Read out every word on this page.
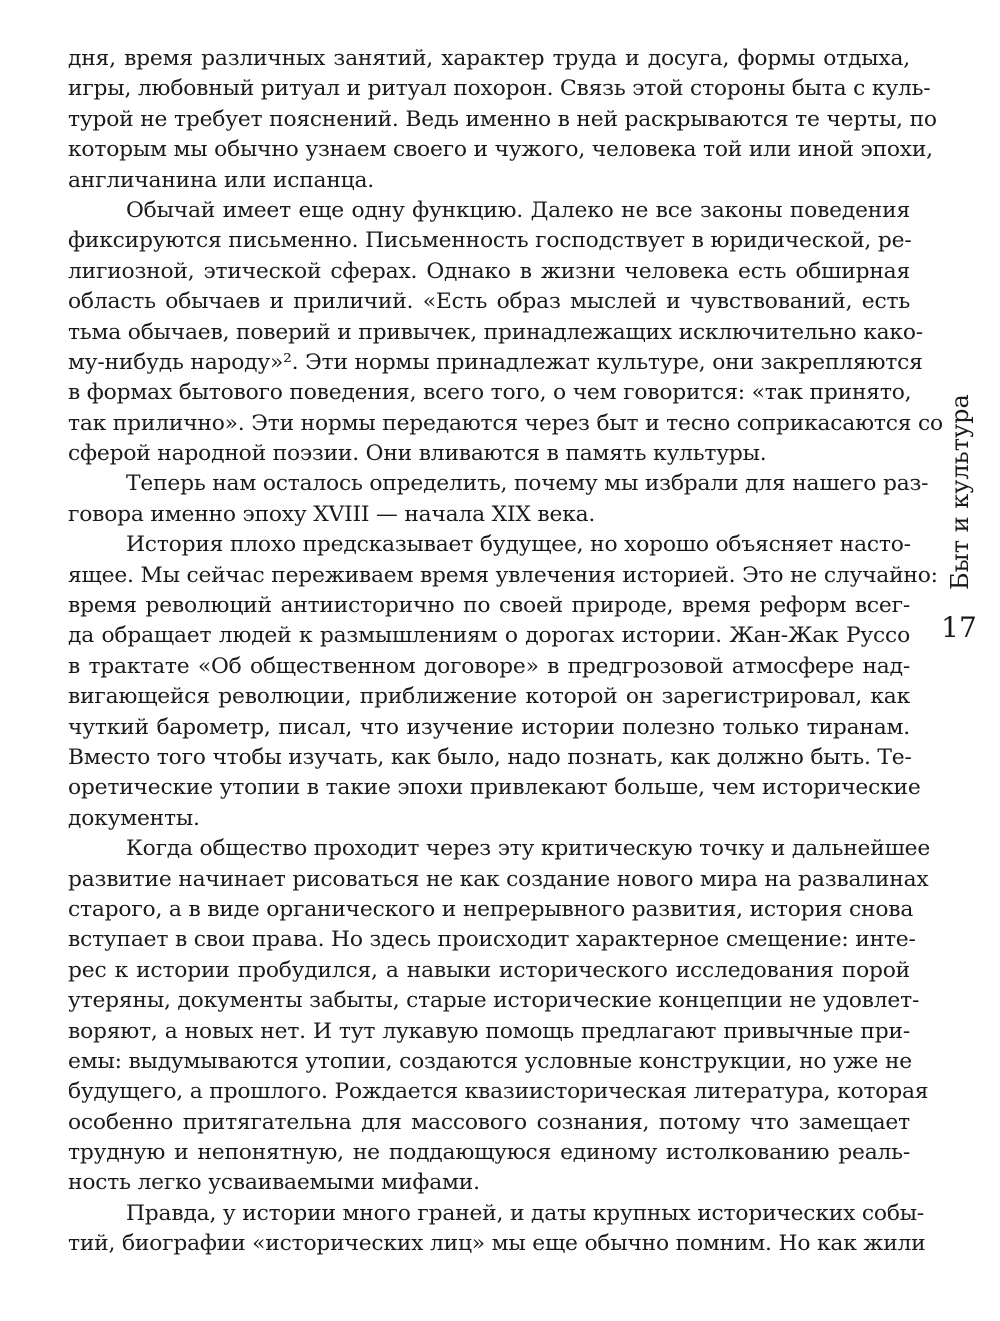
дня, время различных занятий, характер труда и досуга, формы отдыха,
игры, любовный ритуал и ритуал похорон. Связь этой стороны быта с куль-
турой не требует пояснений. Ведь именно в ней раскрываются те черты, по
которым мы обычно узнаем своего и чужого, человека той или иной эпохи,
англичанина или испанца.
Обычай имеет еще одну функцию. Далеко не все законы поведения
фиксируются письменно. Письменность господствует в юридической, ре-
лигиозной, этической сферах. Однако в жизни человека есть обширная
область обычаев и приличий. «Есть образ мыслей и чувствований, есть
тьма обычаев, поверий и привычек, принадлежащих исключительно како-
му-нибудь народу»². Эти нормы принадлежат культуре, они закрепляются
в формах бытового поведения, всего того, о чем говорится: «так принято,
так прилично». Эти нормы передаются через быт и тесно соприкасаются со
сферой народной поэзии. Они вливаются в память культуры.
Теперь нам осталось определить, почему мы избрали для нашего раз-
говора именно эпоху XVIII — начала XIX века.
История плохо предсказывает будущее, но хорошо объясняет насто-
ящее. Мы сейчас переживаем время увлечения историей. Это не случайно:
время революций антиисторично по своей природе, время реформ всег-
да обращает людей к размышлениям о дорогах истории. Жан-Жак Руссо
в трактате «Об общественном договоре» в предгрозовой атмосфере над-
вигающейся революции, приближение которой он зарегистрировал, как
чуткий барометр, писал, что изучение истории полезно только тиранам.
Вместо того чтобы изучать, как было, надо познать, как должно быть. Те-
оретические утопии в такие эпохи привлекают больше, чем исторические
документы.
Когда общество проходит через эту критическую точку и дальнейшее
развитие начинает рисоваться не как создание нового мира на развалинах
старого, а в виде органического и непрерывного развития, история снова
вступает в свои права. Но здесь происходит характерное смещение: инте-
рес к истории пробудился, а навыки исторического исследования порой
утеряны, документы забыты, старые исторические концепции не удовлет-
воряют, а новых нет. И тут лукавую помощь предлагают привычные при-
емы: выдумываются утопии, создаются условные конструкции, но уже не
будущего, а прошлого. Рождается квазиисторическая литература, которая
особенно притягательна для массового сознания, потому что замещает
трудную и непонятную, не поддающуюся единому истолкованию реаль-
ность легко усваиваемыми мифами.
Правда, у истории много граней, и даты крупных исторических собы-
тий, биографии «исторических лиц» мы еще обычно помним. Но как жили
Быт и культура
17
